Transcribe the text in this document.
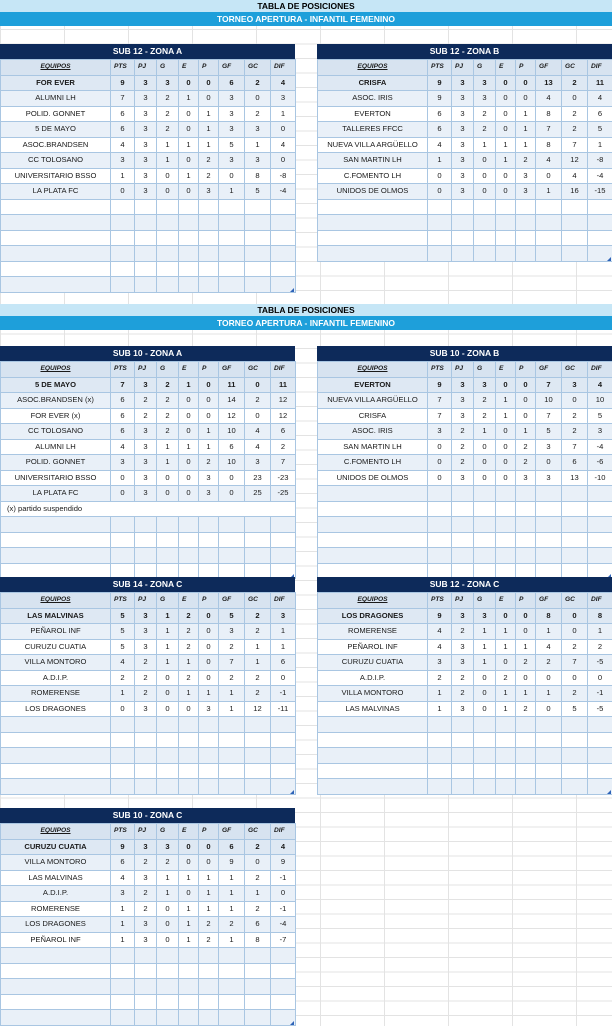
TABLA DE POSICIONES
TORNEO APERTURA - INFANTIL FEMENINO
TABLA DE POSICIONES
TORNEO APERTURA - INFANTIL FEMENINO
SUB 12 - ZONA A
EQUIPOS	PTS	PJ	G	E	P	GF	GC	DIF
FOR EVER	9	3	3	0	0	6	2	4
ALUMNI LH	7	3	2	1	0	3	0	3
POLID. GONNET	6	3	2	0	1	3	2	1
5 DE MAYO	6	3	2	0	1	3	3	0
ASOC.BRANDSEN	4	3	1	1	1	5	1	4
CC TOLOSANO	3	3	1	0	2	3	3	0
UNIVERSITARIO BSSO	1	3	0	1	2	0	8	-8
LA PLATA FC	0	3	0	0	3	1	5	-4

SUB 12 - ZONA B
EQUIPOS	PTS	PJ	G	E	P	GF	GC	DIF
CRISFA	9	3	3	0	0	13	2	11
ASOC. IRIS	9	3	3	0	0	4	0	4
EVERTON	6	3	2	0	1	8	2	6
TALLERES FFCC	6	3	2	0	1	7	2	5
NUEVA VILLA ARGÜELLO	4	3	1	1	1	8	7	1
SAN MARTIN LH	1	3	0	1	2	4	12	-8
C.FOMENTO LH	0	3	0	0	3	0	4	-4
UNIDOS DE OLMOS	0	3	0	0	3	1	16	-15

SUB 10 - ZONA A
EQUIPOS	PTS	PJ	G	E	P	GF	GC	DIF
5 DE MAYO	7	3	2	1	0	11	0	11
ASOC.BRANDSEN (x)	6	2	2	0	0	14	2	12
FOR EVER (x)	6	2	2	0	0	12	0	12
CC TOLOSANO	6	3	2	0	1	10	4	6
ALUMNI LH	4	3	1	1	1	6	4	2
POLID. GONNET	3	3	1	0	2	10	3	7
UNIVERSITARIO BSSO	0	3	0	0	3	0	23	-23
LA PLATA FC	0	3	0	0	3	0	25	-25
(x) partido suspendido								

SUB 10 - ZONA B
EQUIPOS	PTS	PJ	G	E	P	GF	GC	DIF
EVERTON	9	3	3	0	0	7	3	4
NUEVA VILLA ARGÜELLO	7	3	2	1	0	10	0	10
CRISFA	7	3	2	1	0	7	2	5
ASOC. IRIS	3	2	1	0	1	5	2	3
SAN MARTIN LH	0	2	0	0	2	3	7	-4
C.FOMENTO LH	0	2	0	0	2	0	6	-6
UNIDOS DE OLMOS	0	3	0	0	3	3	13	-10

SUB 14 - ZONA C
EQUIPOS	PTS	PJ	G	E	P	GF	GC	DIF
LAS MALVINAS	5	3	1	2	0	5	2	3
PEÑAROL INF	5	3	1	2	0	3	2	1
CURUZU CUATIA	5	3	1	2	0	2	1	1
VILLA MONTORO	4	2	1	1	0	7	1	6
A.D.I.P.	2	2	0	2	0	2	2	0
ROMERENSE	1	2	0	1	1	1	2	-1
LOS DRAGONES	0	3	0	0	3	1	12	-11

SUB 12 - ZONA C
EQUIPOS	PTS	PJ	G	E	P	GF	GC	DIF
LOS DRAGONES	9	3	3	0	0	8	0	8
ROMERENSE	4	2	1	1	0	1	0	1
PEÑAROL INF	4	3	1	1	1	4	2	2
CURUZU CUATIA	3	3	1	0	2	2	7	-5
A.D.I.P.	2	2	0	2	0	0	0	0
VILLA MONTORO	1	2	0	1	1	1	2	-1
LAS MALVINAS	1	3	0	1	2	0	5	-5

SUB 10 - ZONA C
EQUIPOS	PTS	PJ	G	E	P	GF	GC	DIF
CURUZU CUATIA	9	3	3	0	0	6	2	4
VILLA MONTORO	6	2	2	0	0	9	0	9
LAS MALVINAS	4	3	1	1	1	1	2	-1
A.D.I.P.	3	2	1	0	1	1	1	0
ROMERENSE	1	2	0	1	1	1	2	-1
LOS DRAGONES	1	3	0	1	2	2	6	-4
PEÑAROL INF	1	3	0	1	2	1	8	-7
